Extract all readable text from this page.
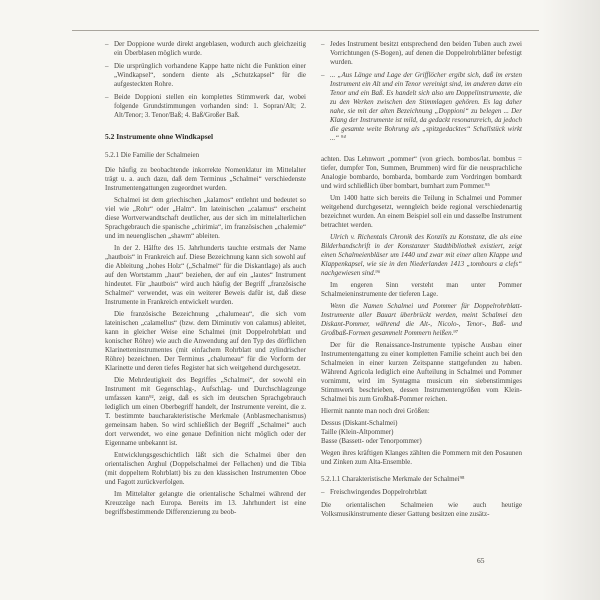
– Der Doppione wurde direkt angeblasen, wodurch auch gleichzeitig ein Überblasen möglich wurde.
– Die ursprünglich vorhandene Kappe hatte nicht die Funktion einer „Windkapsel“, sondern diente als „Schutzkapsel“ für die aufgesteckten Rohre.
– Beide Doppioni stellen ein komplettes Stimmwerk dar, wobei folgende Grundstimmungen vorhanden sind: 1. Sopran/Alt; 2. Alt/Tenor; 3. Tenor/Baß; 4. Baß/Großer Baß.
5.2 Instrumente ohne Windkapsel
5.2.1 Die Familie der Schalmeien

Die häufig zu beobachtende inkorrekte Nomenklatur im Mittelalter trägt u. a. auch dazu, daß dem Terminus „Schalmei“ verschiedenste Instrumentengattungen zugeordnet wurden.

Schalmei ist dem griechischen „kalamos“ entlehnt und bedeutet so viel wie „Rohr“ oder „Halm“. Im lateinischen „calamus“ erscheint diese Wortverwandtschaft deutlicher, aus der sich im mittelalterlichen Sprachgebrauch die spanische „chirimia“, im französischen „chalemie“ und im neuenglischen „shawm“ ableiten.

In der 2. Hälfte des 15. Jahrhunderts tauchte erstmals der Name „hautbois“ in Frankreich auf. Diese Bezeichnung kann sich sowohl auf die Ableitung „hohes Holz“ („Schalmei“ für die Diskantlage) als auch auf den Wortstamm „haut“ beziehen, der auf ein „lautes“ Instrument hindeutet. Für „hautbois“ wird auch häufig der Begriff „französische Schalmei“ verwendet, was ein weiterer Beweis dafür ist, daß diese Instrumente in Frankreich entwickelt wurden.

Die französische Bezeichnung „chalumeau“, die sich vom lateinischen „calamellus“ (bzw. dem Diminutiv von calamus) ableitet, kann in gleicher Weise eine Schalmei (mit Doppelrohrblatt und konischer Röhre) wie auch die Anwendung auf den Typ des dörflichen Klarinetteninstrumentes (mit einfachem Rohrblatt und zylindrischer Röhre) bezeichnen. Der Terminus „chalumeau“ für die Vorform der Klarinette und deren tiefes Register hat sich weitgehend durchgesetzt.

Die Mehrdeutigkeit des Begriffes „Schalmei“, der sowohl ein Instrument mit Gegenschlag-, Aufschlag- und Durchschlagzunge umfassen kann⁹², zeigt, daß es sich im deutschen Sprachgebrauch lediglich um einen Oberbegriff handelt, der Instrumente vereint, die z. T. bestimmte baucharakteristische Merkmale (Anblasmechanismus) gemeinsam haben. So wird schließlich der Begriff „Schalmei“ auch dort verwendet, wo eine genaue Definition nicht möglich oder der Eigenname unbekannt ist.

Entwicklungsgeschichtlich läßt sich die Schalmei über den orientalischen Arghul (Doppelschalmei der Fellachen) und die Tibia (mit doppeltem Rohrblatt) bis zu den klassischen Instrumenten Oboe und Fagott zurückverfolgen.

Im Mittelalter gelangte die orientalische Schalmei während der Kreuzzüge nach Europa. Bereits im 13. Jahrhundert ist eine begriffsbestimmende Differenzierung zu beob-

– Jedes Instrument besitzt entsprechend den beiden Tuben auch zwei Vorrichtungen (S-Bogen), auf denen die Doppelrohrblätter befestigt wurden.
– ... „Aus Länge und Lage der Grifflöcher ergibt sich, daß im ersten Instrument ein Alt und ein Tenor vereinigt sind, im anderen dann ein Tenor und ein Baß. Es handelt sich also um Doppelinstrumente, die zu den Werken zwischen den Stimmlagen gehören. Es lag daher nahe, sie mit der alten Bezeichnung „Doppioni“ zu belegen ... Der Klang der Instrumente ist mild, da gedackt resonanzreich, da jedoch die gesamte weite Bohrung als „spitzgedacktes“ Schallstück wirkt ...“ ⁹⁴

achten. Das Lehnwort „pommer“ (von griech. bombos/lat. bombus = tiefer, dumpfer Ton, Summen, Brummen) wird für die neusprachliche Analogie bombardo, bombarda, bombarde zum Vordringen bombardt und wird schließlich über bombart, bumhart zum Pommer.⁹⁵

Um 1400 hatte sich bereits die Teilung in Schalmei und Pommer weitgehend durchgesetzt, wenngleich beide regional verschiedenartig bezeichnet wurden. An einem Beispiel soll ein und dasselbe Instrument betrachtet werden.

Ulrich v. Richentals Chronik des Konzils zu Konstanz, die als eine Bilderhandschrift in der Konstanzer Stadtbibliothek existiert, zeigt einen Schalmeienbläser um 1440 und zwar mit einer alten Klappe und Klappenkapsel, wie sie in den Niederlanden 1413 „tombours a clefs“ nachgewiesen sind.⁹⁶

Im engeren Sinn versteht man unter Pommer Schalmeieninstrumente der tieferen Lage.

Wenn die Namen Schalmei und Pommer für Doppelrohrblatt-Instrumente aller Bauart überbrückt werden, meint Schalmei den Diskant-Pommer, während die Alt-, Nicolo-, Tenor-, Baß- und Großbaß-Formen gesammelt Pommern heißen.⁹⁷

Der für die Renaissance-Instrumente typische Ausbau einer Instrumentengattung zu einer kompletten Familie scheint auch bei den Schalmeien in einer kurzen Zeitspanne stattgefunden zu haben. Während Agricola lediglich eine Aufteilung in Schalmei und Pommer vornimmt, wird im Syntagma musicum ein siebenstimmiges Stimmwerk beschrieben, dessen Instrumentengrößen vom Klein-Schalmei bis zum Großbaß-Pommer reichen.

Hiermit nannte man noch drei Größen:

Dessus (Diskant-Schalmei)
Taille (Klein-Altpommer)
Basse (Bassett- oder Tenorpommer)

Wegen ihres kräftigen Klanges zählten die Pommern mit den Posaunen und Zinken zum Alta-Ensemble.

5.2.1.1 Charakteristische Merkmale der Schalmei⁹⁸
– Freischwingendes Doppelrohrblatt

Die orientalischen Schalmeien wie auch heutige Volksmusikinstrumente dieser Gattung besitzen eine zusätz-

65
